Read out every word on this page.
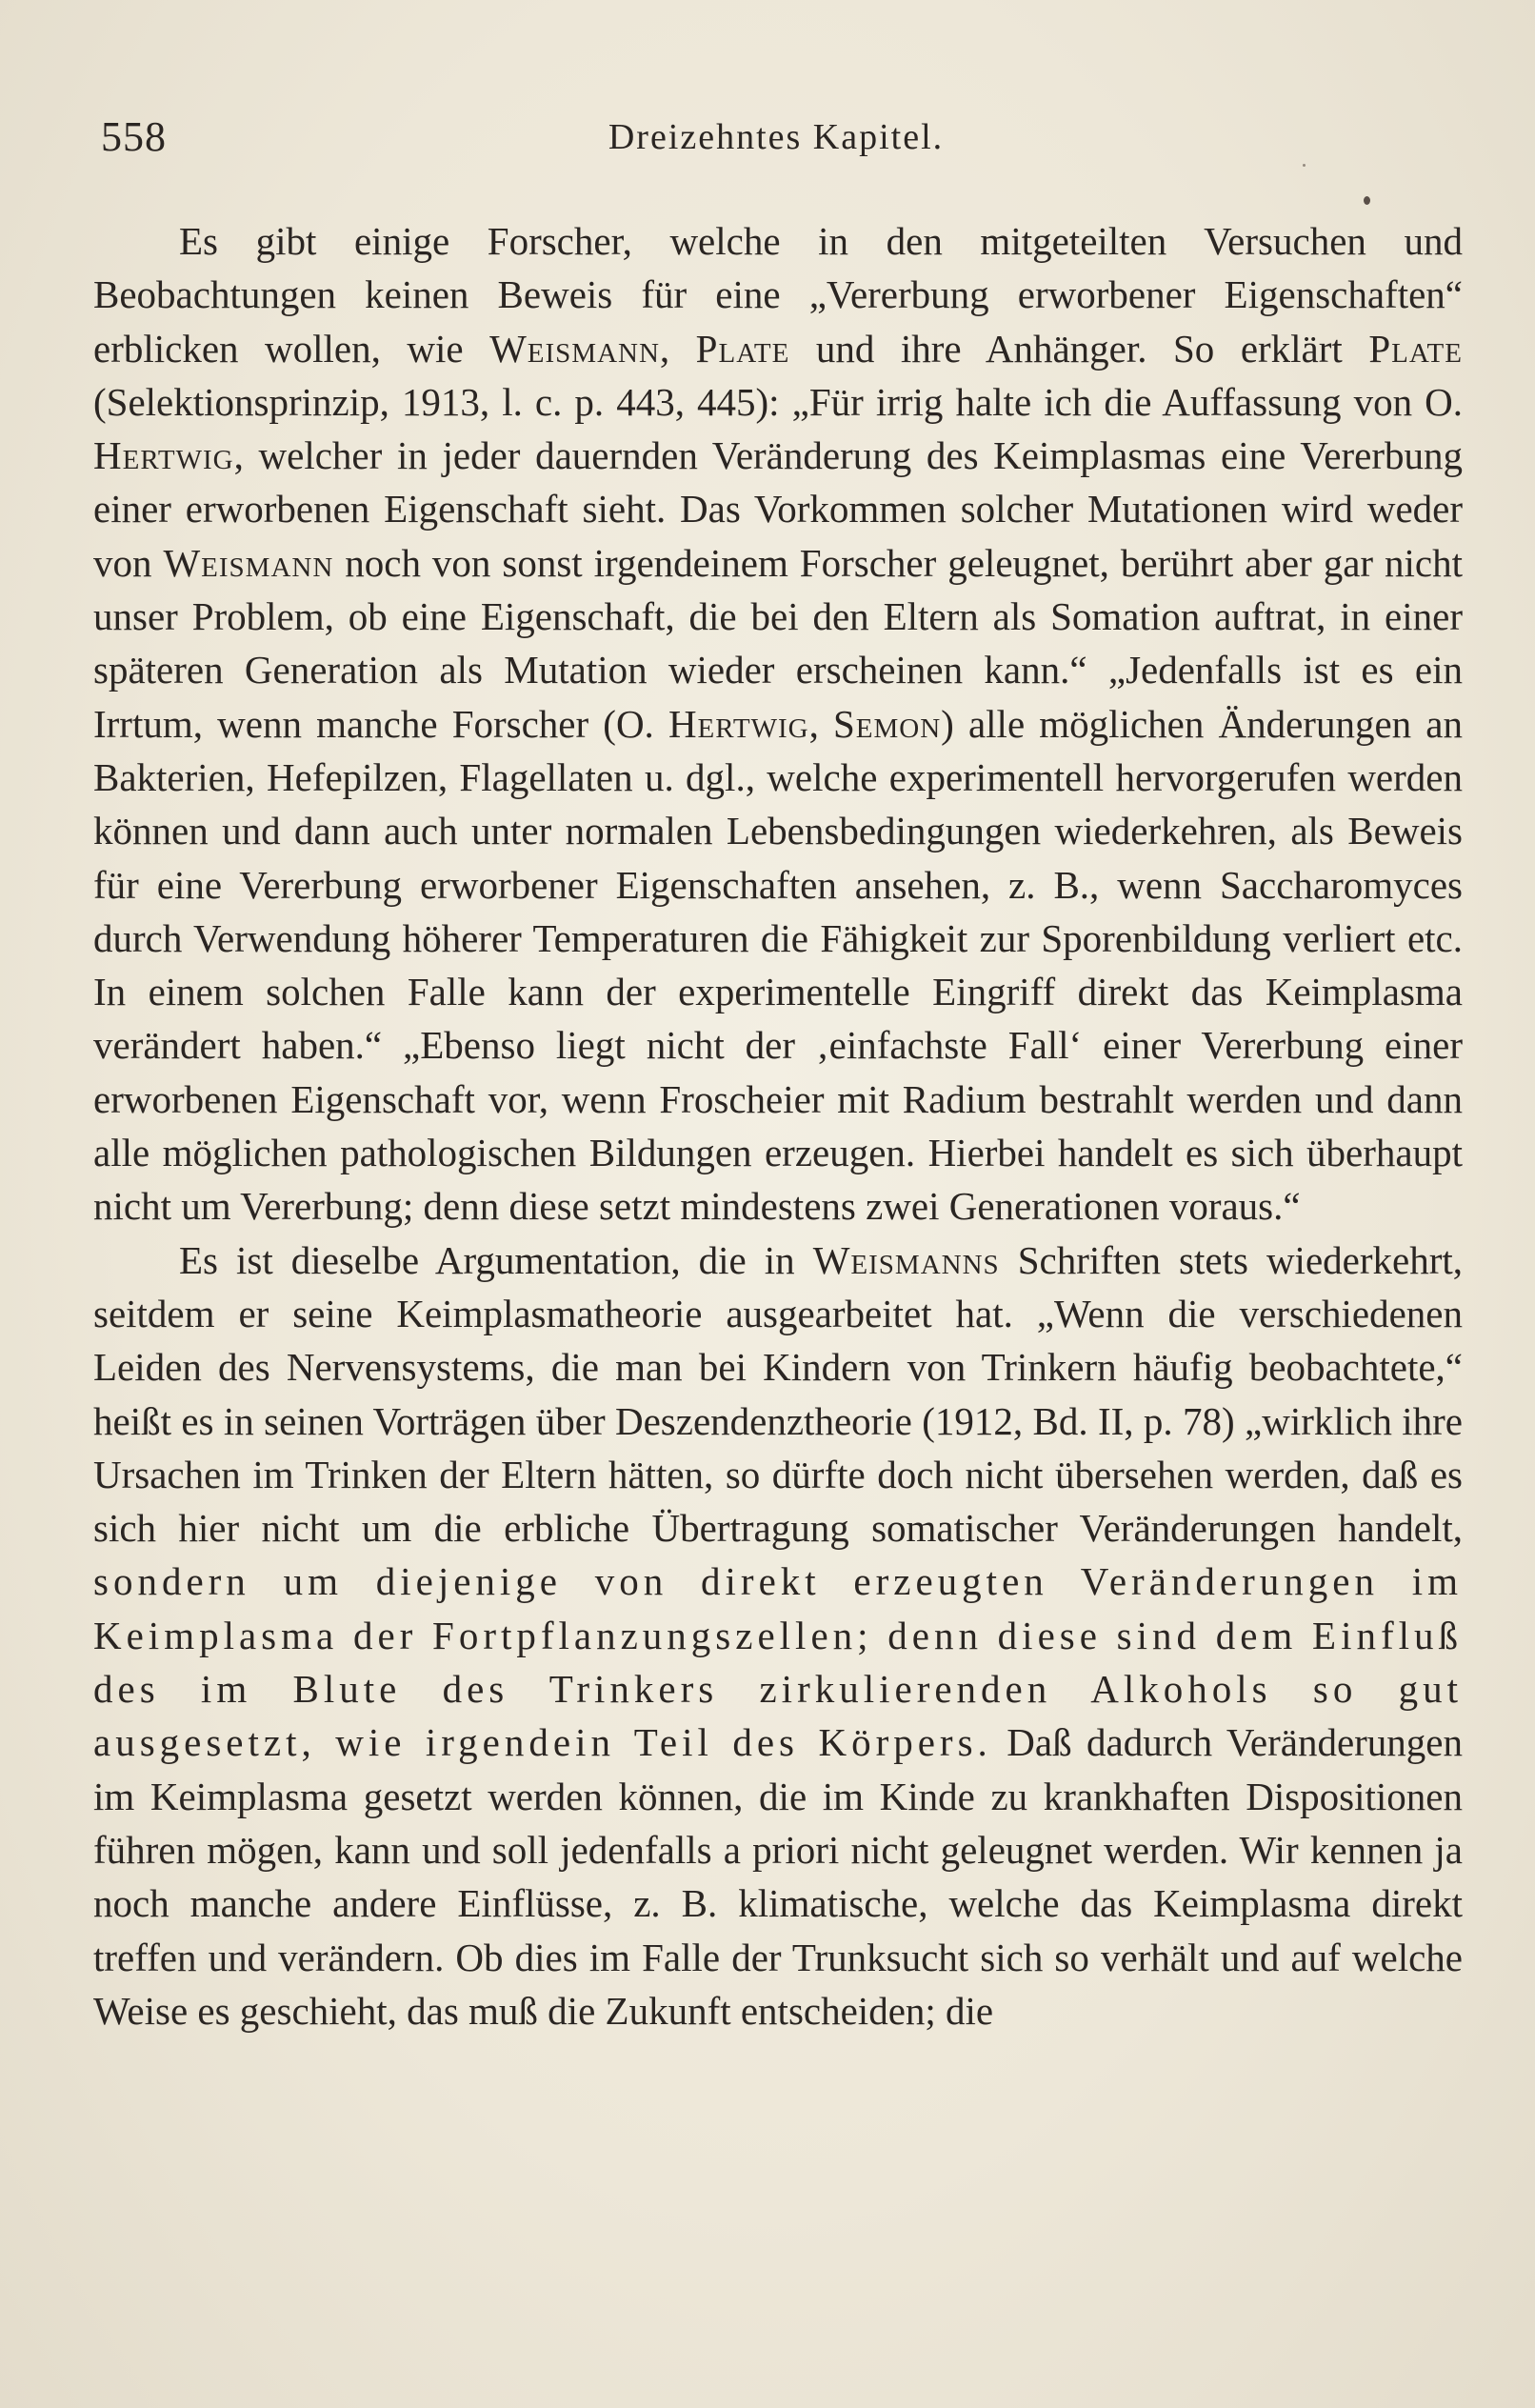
558	Dreizehntes Kapitel.

Es gibt einige Forscher, welche in den mitgeteilten Versuchen und Beobachtungen keinen Beweis für eine „Vererbung erworbener Eigenschaften“ erblicken wollen, wie Weismann, Plate und ihre Anhänger. So erklärt Plate (Selektionsprinzip, 1913, l. c. p. 443, 445): „Für irrig halte ich die Auffassung von O. Hertwig, welcher in jeder dauernden Veränderung des Keimplasmas eine Vererbung einer erworbenen Eigenschaft sieht. Das Vorkommen solcher Mutationen wird weder von Weismann noch von sonst irgendeinem Forscher geleugnet, berührt aber gar nicht unser Problem, ob eine Eigenschaft, die bei den Eltern als Somation auftrat, in einer späteren Generation als Mutation wieder erscheinen kann.“ „Jedenfalls ist es ein Irrtum, wenn manche Forscher (O. Hertwig, Semon) alle möglichen Änderungen an Bakterien, Hefepilzen, Flagellaten u. dgl., welche experimentell hervorgerufen werden können und dann auch unter normalen Lebensbedingungen wiederkehren, als Beweis für eine Vererbung erworbener Eigenschaften ansehen, z. B., wenn Saccharomyces durch Verwendung höherer Temperaturen die Fähigkeit zur Sporenbildung verliert etc. In einem solchen Falle kann der experimentelle Eingriff direkt das Keimplasma verändert haben.“ „Ebenso liegt nicht der ‚einfachste Fall‘ einer Vererbung einer erworbenen Eigenschaft vor, wenn Froscheier mit Radium bestrahlt werden und dann alle möglichen pathologischen Bildungen erzeugen. Hierbei handelt es sich überhaupt nicht um Vererbung; denn diese setzt mindestens zwei Generationen voraus.“

Es ist dieselbe Argumentation, die in Weismanns Schriften stets wiederkehrt, seitdem er seine Keimplasmatheorie ausgearbeitet hat. „Wenn die verschiedenen Leiden des Nervensystems, die man bei Kindern von Trinkern häufig beobachtete,“ heißt es in seinen Vorträgen über Deszendenztheorie (1912, Bd. II, p. 78) „wirklich ihre Ursachen im Trinken der Eltern hätten, so dürfte doch nicht übersehen werden, daß es sich hier nicht um die erbliche Übertragung somatischer Veränderungen handelt, sondern um diejenige von direkt erzeugten Veränderungen im Keimplasma der Fortpflanzungszellen; denn diese sind dem Einfluß des im Blute des Trinkers zirkulierenden Alkohols so gut ausgesetzt, wie irgendein Teil des Körpers. Daß dadurch Veränderungen im Keimplasma gesetzt werden können, die im Kinde zu krankhaften Dispositionen führen mögen, kann und soll jedenfalls a priori nicht geleugnet werden. Wir kennen ja noch manche andere Einflüsse, z. B. klimatische, welche das Keimplasma direkt treffen und verändern. Ob dies im Falle der Trunksucht sich so verhält und auf welche Weise es geschieht, das muß die Zukunft entscheiden; die
